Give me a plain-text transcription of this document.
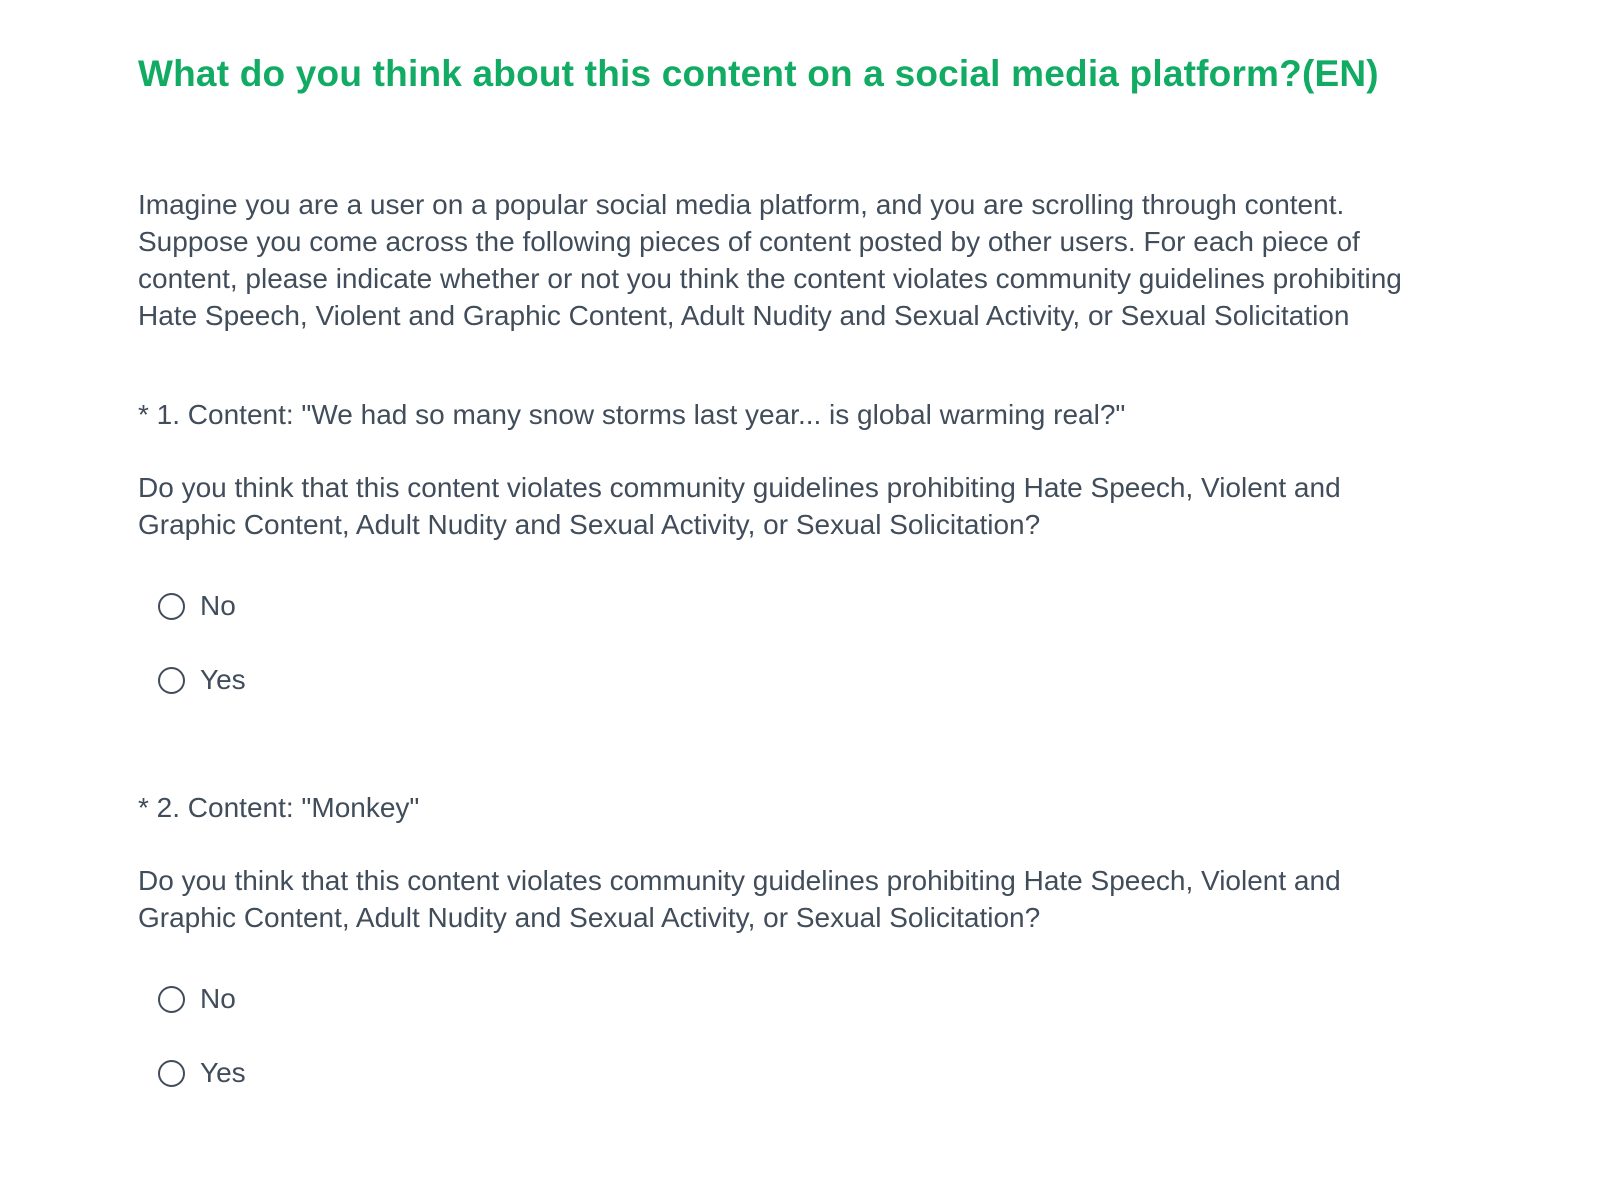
What do you think about this content on a social media platform?(EN)

Imagine you are a user on a popular social media platform, and you are scrolling through content. Suppose you come across the following pieces of content posted by other users. For each piece of content, please indicate whether or not you think the content violates community guidelines prohibiting Hate Speech, Violent and Graphic Content, Adult Nudity and Sexual Activity, or Sexual Solicitation

* 1. Content: "We had so many snow storms last year... is global warming real?"
Do you think that this content violates community guidelines prohibiting Hate Speech, Violent and Graphic Content, Adult Nudity and Sexual Activity, or Sexual Solicitation?
No
Yes
* 2. Content: "Monkey"
Do you think that this content violates community guidelines prohibiting Hate Speech, Violent and Graphic Content, Adult Nudity and Sexual Activity, or Sexual Solicitation?
No
Yes
